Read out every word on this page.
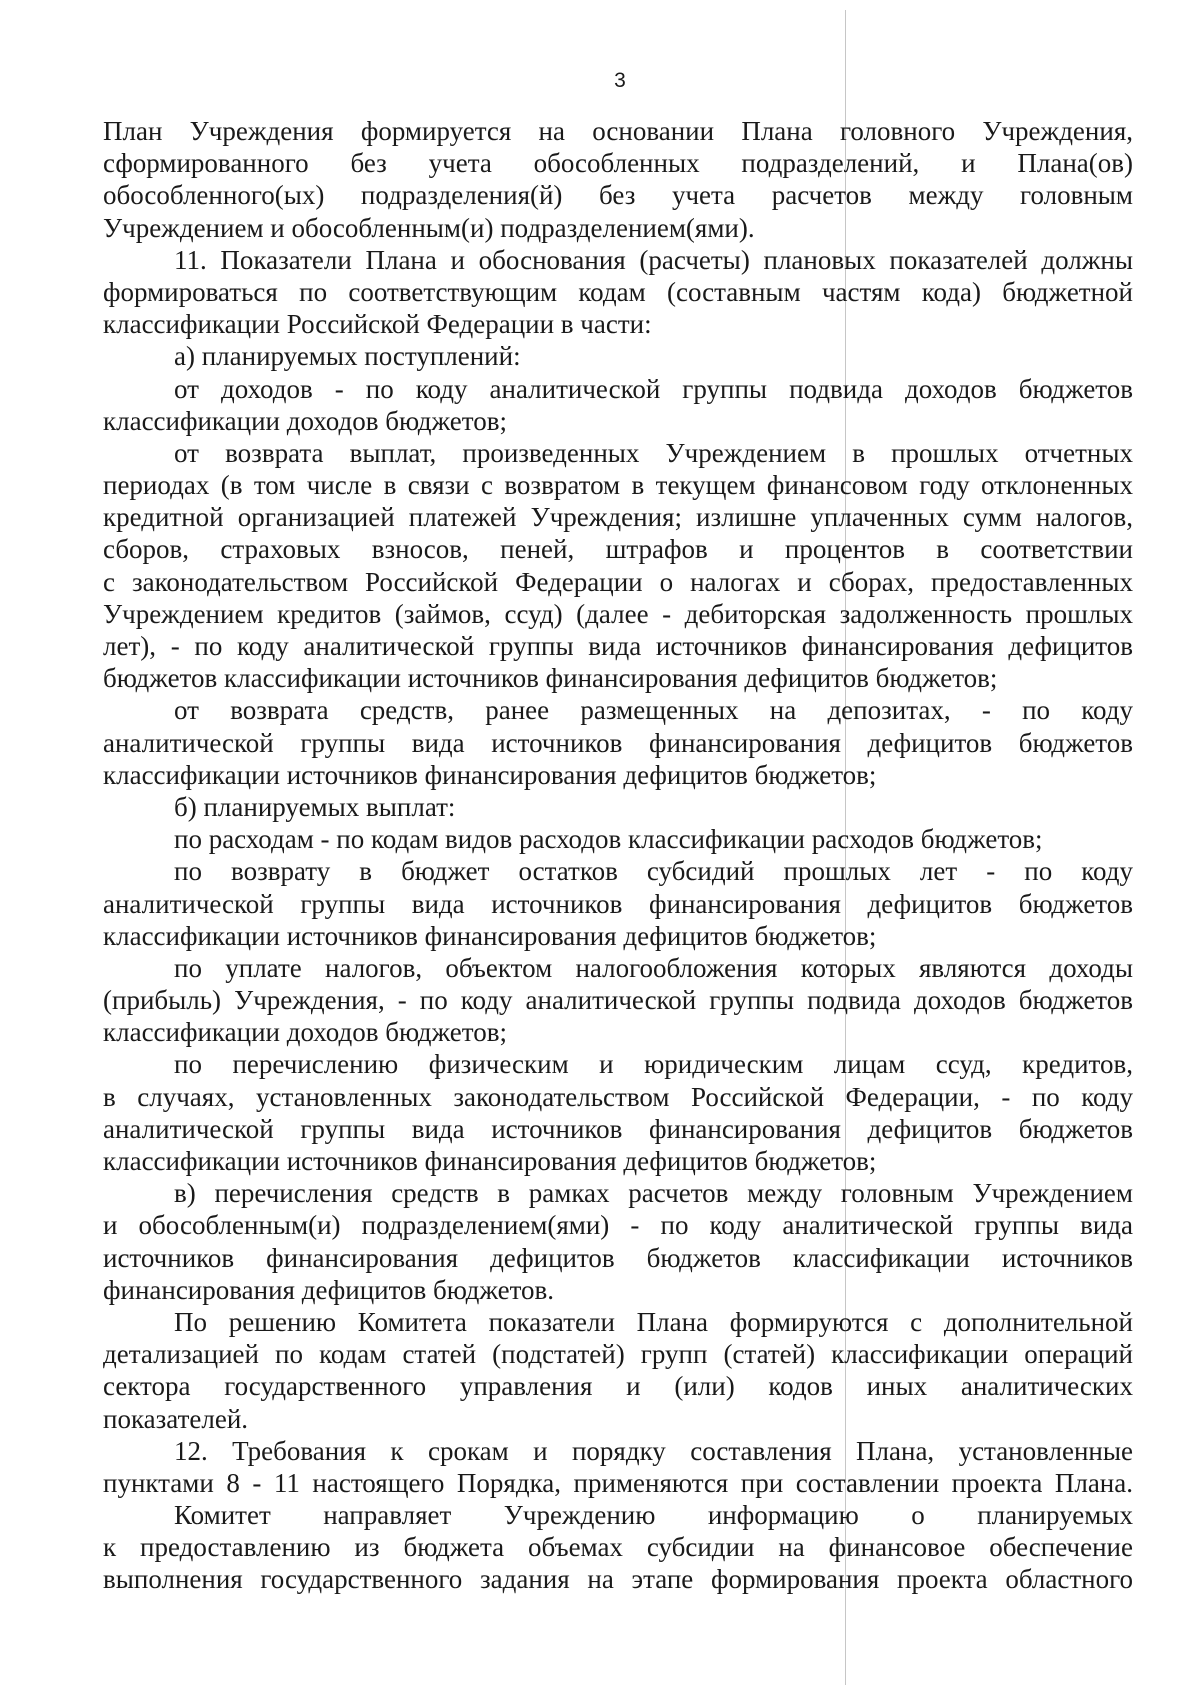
3
План Учреждения формируется на основании Плана головного Учреждения,
сформированного без учета обособленных подразделений, и Плана(ов)
обособленного(ых) подразделения(й) без учета расчетов между головным
Учреждением и обособленным(и) подразделением(ями).
11. Показатели Плана и обоснования (расчеты) плановых показателей должны
формироваться по соответствующим кодам (составным частям кода) бюджетной
классификации Российской Федерации в части:
а) планируемых поступлений:
от доходов - по коду аналитической группы подвида доходов бюджетов
классификации доходов бюджетов;
от возврата выплат, произведенных Учреждением в прошлых отчетных
периодах (в том числе в связи с возвратом в текущем финансовом году отклоненных
кредитной организацией платежей Учреждения; излишне уплаченных сумм налогов,
сборов, страховых взносов, пеней, штрафов и процентов в соответствии
с законодательством Российской Федерации о налогах и сборах, предоставленных
Учреждением кредитов (займов, ссуд) (далее - дебиторская задолженность прошлых
лет), - по коду аналитической группы вида источников финансирования дефицитов
бюджетов классификации источников финансирования дефицитов бюджетов;
от возврата средств, ранее размещенных на депозитах, - по коду
аналитической группы вида источников финансирования дефицитов бюджетов
классификации источников финансирования дефицитов бюджетов;
б) планируемых выплат:
по расходам - по кодам видов расходов классификации расходов бюджетов;
по возврату в бюджет остатков субсидий прошлых лет - по коду
аналитической группы вида источников финансирования дефицитов бюджетов
классификации источников финансирования дефицитов бюджетов;
по уплате налогов, объектом налогообложения которых являются доходы
(прибыль) Учреждения, - по коду аналитической группы подвида доходов бюджетов
классификации доходов бюджетов;
по перечислению физическим и юридическим лицам ссуд, кредитов,
в случаях, установленных законодательством Российской Федерации, - по коду
аналитической группы вида источников финансирования дефицитов бюджетов
классификации источников финансирования дефицитов бюджетов;
в) перечисления средств в рамках расчетов между головным Учреждением
и обособленным(и) подразделением(ями) - по коду аналитической группы вида
источников финансирования дефицитов бюджетов классификации источников
финансирования дефицитов бюджетов.
По решению Комитета показатели Плана формируются с дополнительной
детализацией по кодам статей (подстатей) групп (статей) классификации операций
сектора государственного управления и (или) кодов иных аналитических
показателей.
12. Требования к срокам и порядку составления Плана, установленные
пунктами 8 - 11 настоящего Порядка, применяются при составлении проекта Плана.
Комитет направляет Учреждению информацию о планируемых
к предоставлению из бюджета объемах субсидии на финансовое обеспечение
выполнения государственного задания на этапе формирования проекта областного
